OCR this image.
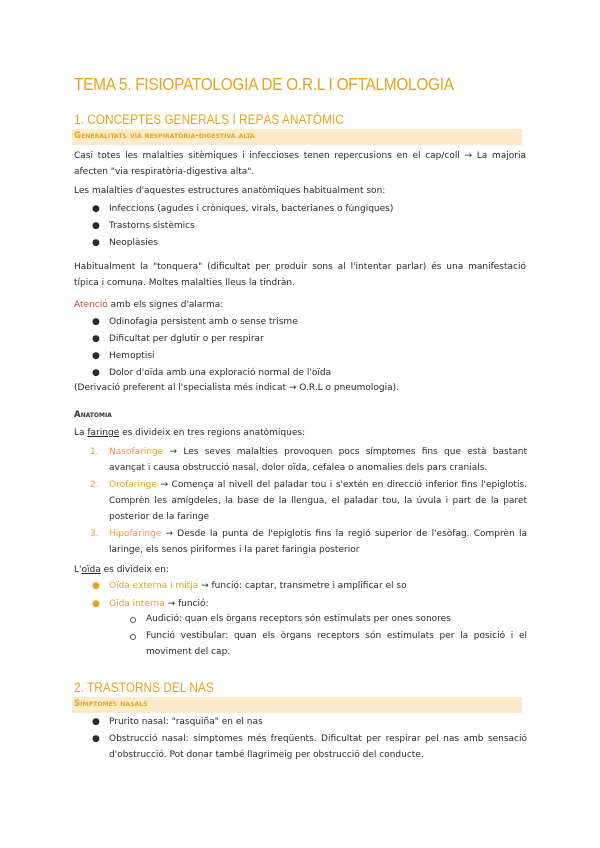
TEMA 5. FISIOPATOLOGIA DE O.R.L I OFTALMOLOGIA
1. CONCEPTES GENERALS I REPÀS ANATÒMIC
Generalitats via respiratòria-digestiva alta
Casi totes les malalties sitèmiques i infeccioses tenen repercusions en el cap/coll → La majoria afecten "via respiratòria-digestiva alta".
Les malalties d'aquestes estructures anatòmiques habitualment son:
● Infeccions (agudes i cròniques, virals, bacterianes o fúngiques)
● Trastorns sistèmics
● Neoplàsies
Habitualment la "tonquera" (dificultat per produir sons al l'intentar parlar) és una manifestació típica i comuna. Moltes malalties lleus la tindràn.
Atenció amb els signes d'alarma:
● Odinofagia persistent amb o sense trisme
● Dificultat per dglutir o per respirar
● Hemoptisi
● Dolor d'oïda amb una exploració normal de l'oïda
(Derivació preferent al l'specialista més indicat → O.R.L o pneumologia).
Anatomia
La faringe es divideix en tres regions anatòmiques:
1. Nasofaringe → Les seves malalties provoquen pocs símptomes fins que està bastant avançat i causa obstrucció nasal, dolor oïda, cefalea o anomalies dels pars cranials.
2. Orofaringe → Comença al nivell del paladar tou i s'extén en direcció inferior fins l'epiglotis. Comprèn les amígdeles, la base de la llengua, el paladar tou, la úvula i part de la paret posterior de la faringe
3. Hipofaringe → Desde la punta de l'epiglotis fins la regió superior de l'esòfag. Comprèn la laringe, els senos piriformes i la paret faringia posterior
L'oïda es divideix en:
● Oïda externa i mitja → funció: captar, transmetre i amplificar el so
● Oïda interna → funció:
Audició: quan els òrgans receptors són estimulats per ones sonores
Funció vestibular: quan els òrgans receptors són estimulats per la posició i el moviment del cap.
2. TRASTORNS DEL NAS
Símptomes nasals
● Prurito nasal: "rasquiña" en el nas
● Obstrucció nasal: símptomes més freqüents. Dificultat per respirar pel nas amb sensació d'obstrucció. Pot donar també llagrimeig per obstrucció del conducte.
